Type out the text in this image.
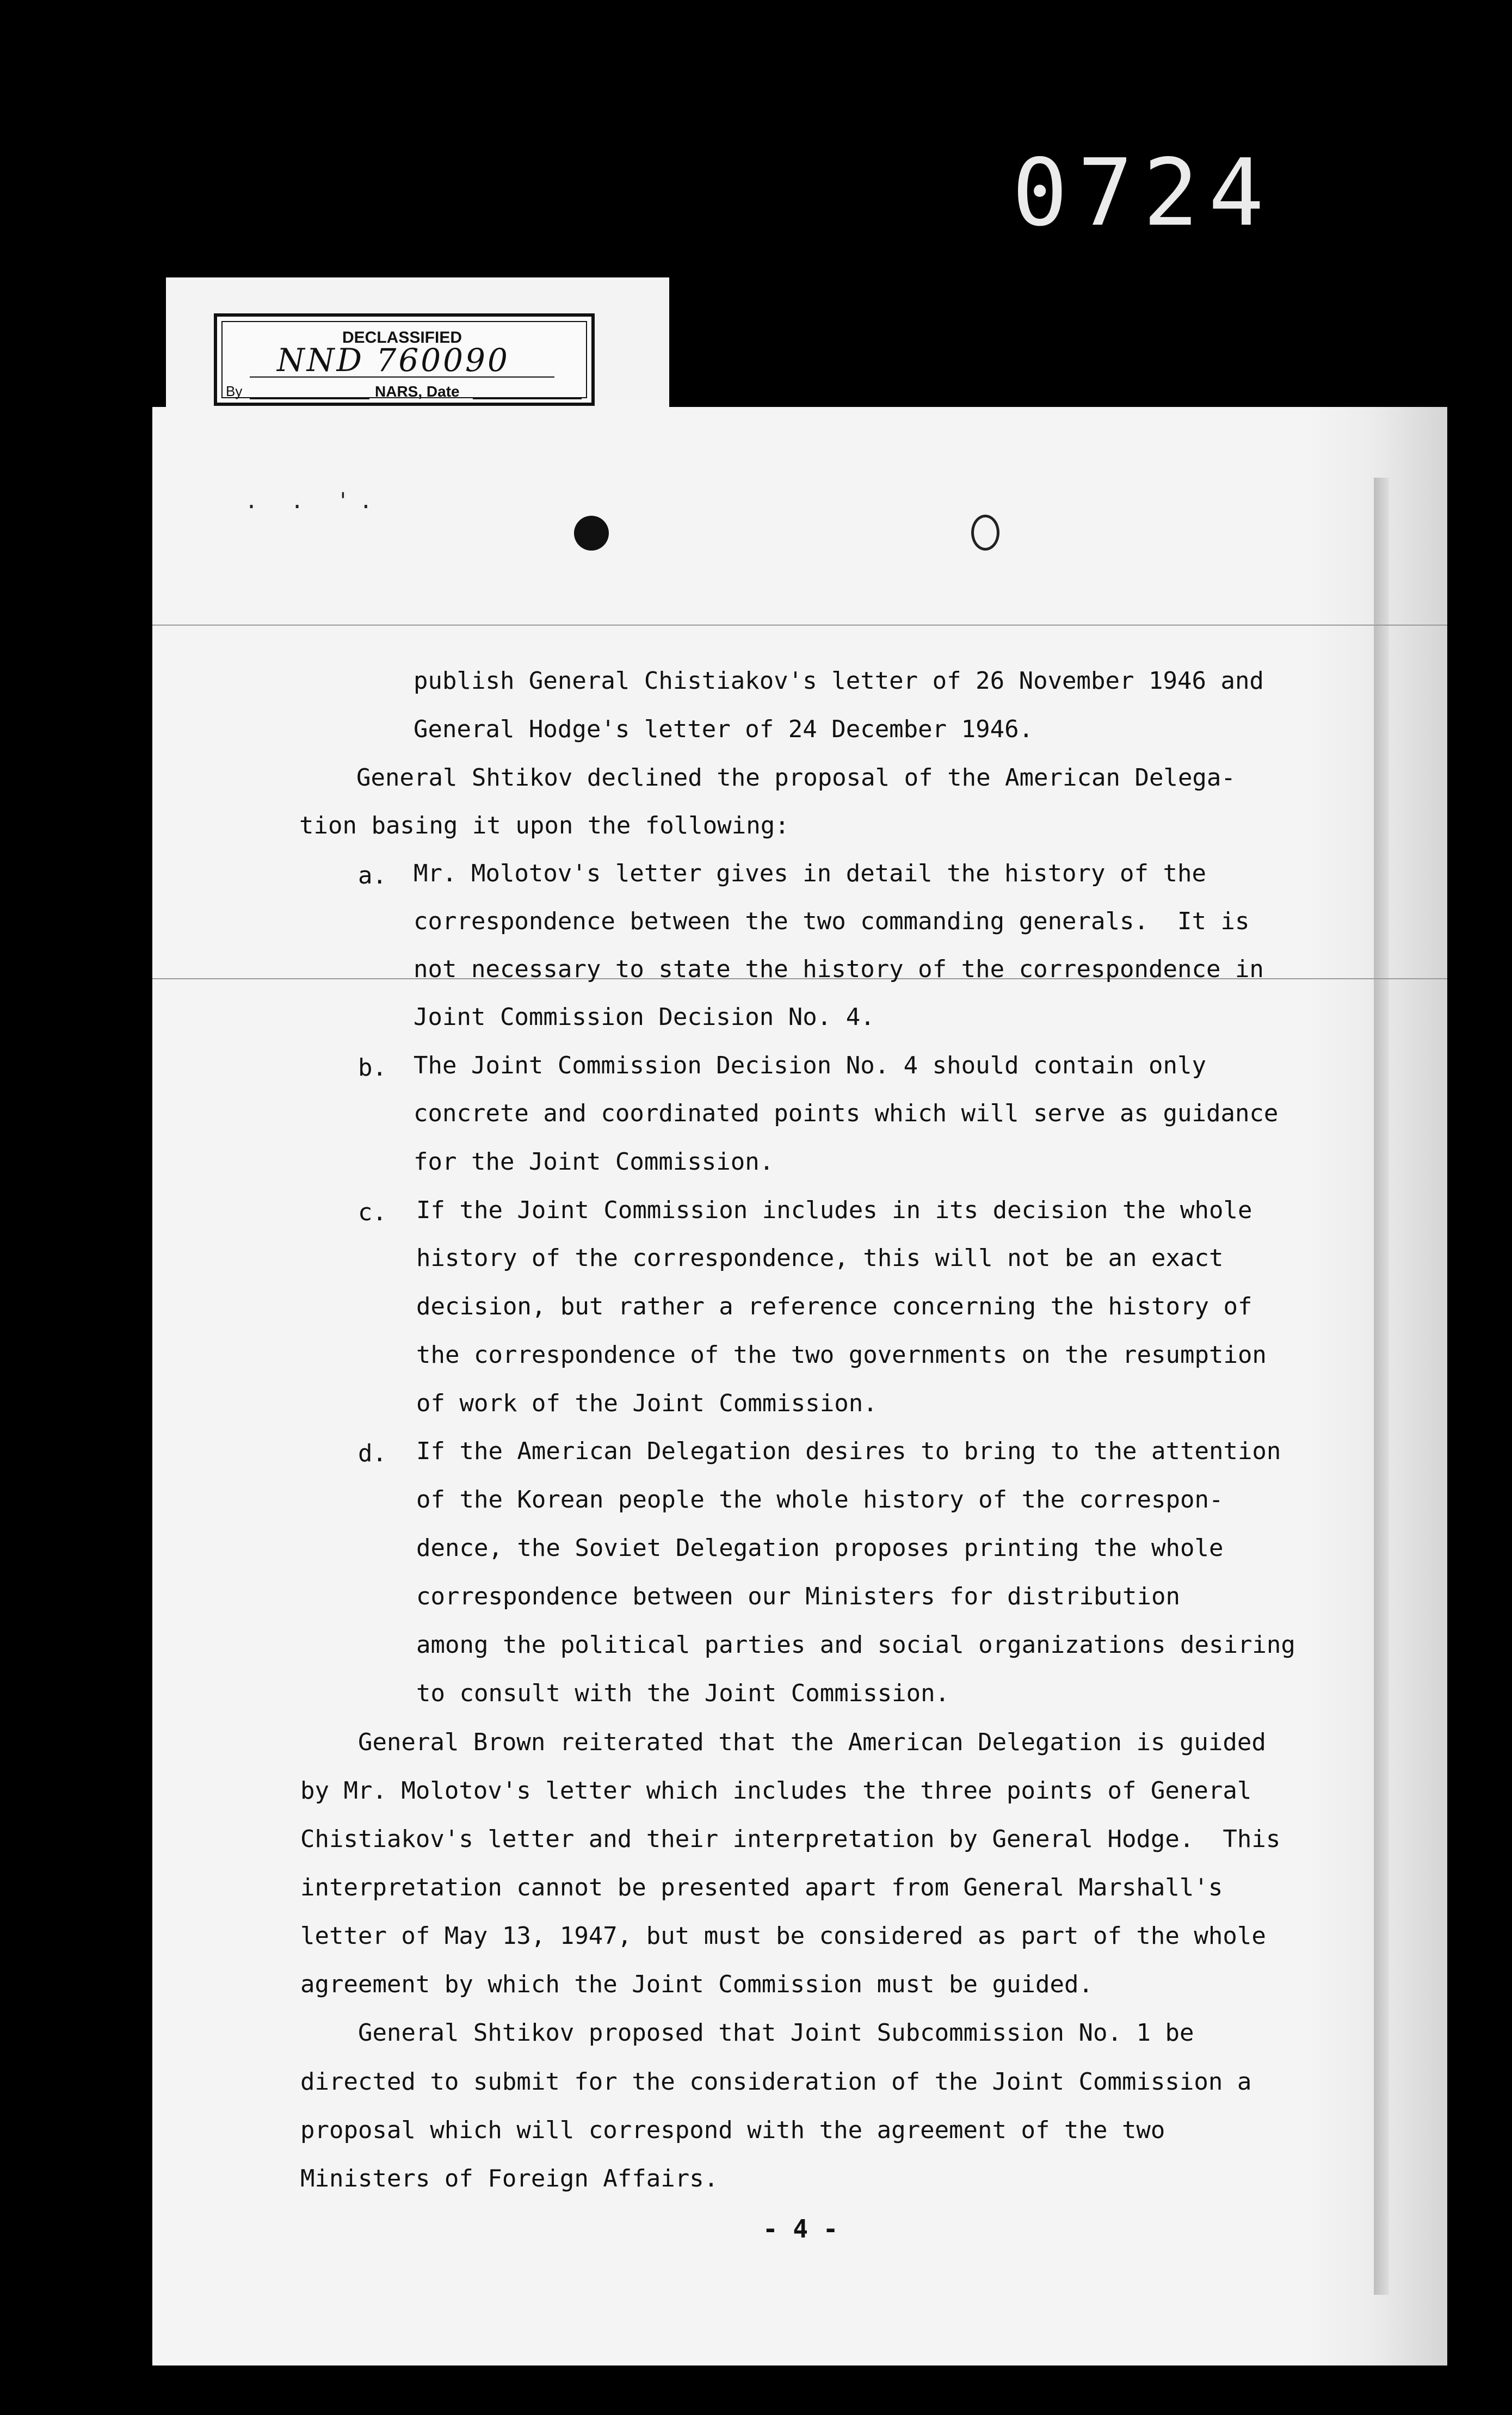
0724
DECLASSIFIED
NND 760090
By	NARS, Date
. . '.
publish General Chistiakov's letter of 26 November 1946 and
General Hodge's letter of 24 December 1946.
General Shtikov declined the proposal of the American Delega-
tion basing it upon the following:
a. Mr. Molotov's letter gives in detail the history of the
correspondence between the two commanding generals.  It is
not necessary to state the history of the correspondence in
Joint Commission Decision No. 4.
b. The Joint Commission Decision No. 4 should contain only
concrete and coordinated points which will serve as guidance
for the Joint Commission.
c. If the Joint Commission includes in its decision the whole
history of the correspondence, this will not be an exact
decision, but rather a reference concerning the history of
the correspondence of the two governments on the resumption
of work of the Joint Commission.
d. If the American Delegation desires to bring to the attention
of the Korean people the whole history of the correspon-
dence, the Soviet Delegation proposes printing the whole
correspondence between our Ministers for distribution
among the political parties and social organizations desiring
to consult with the Joint Commission.
General Brown reiterated that the American Delegation is guided
by Mr. Molotov's letter which includes the three points of General
Chistiakov's letter and their interpretation by General Hodge.  This
interpretation cannot be presented apart from General Marshall's
letter of May 13, 1947, but must be considered as part of the whole
agreement by which the Joint Commission must be guided.
General Shtikov proposed that Joint Subcommission No. 1 be
directed to submit for the consideration of the Joint Commission a
proposal which will correspond with the agreement of the two
Ministers of Foreign Affairs.
- 4 -
